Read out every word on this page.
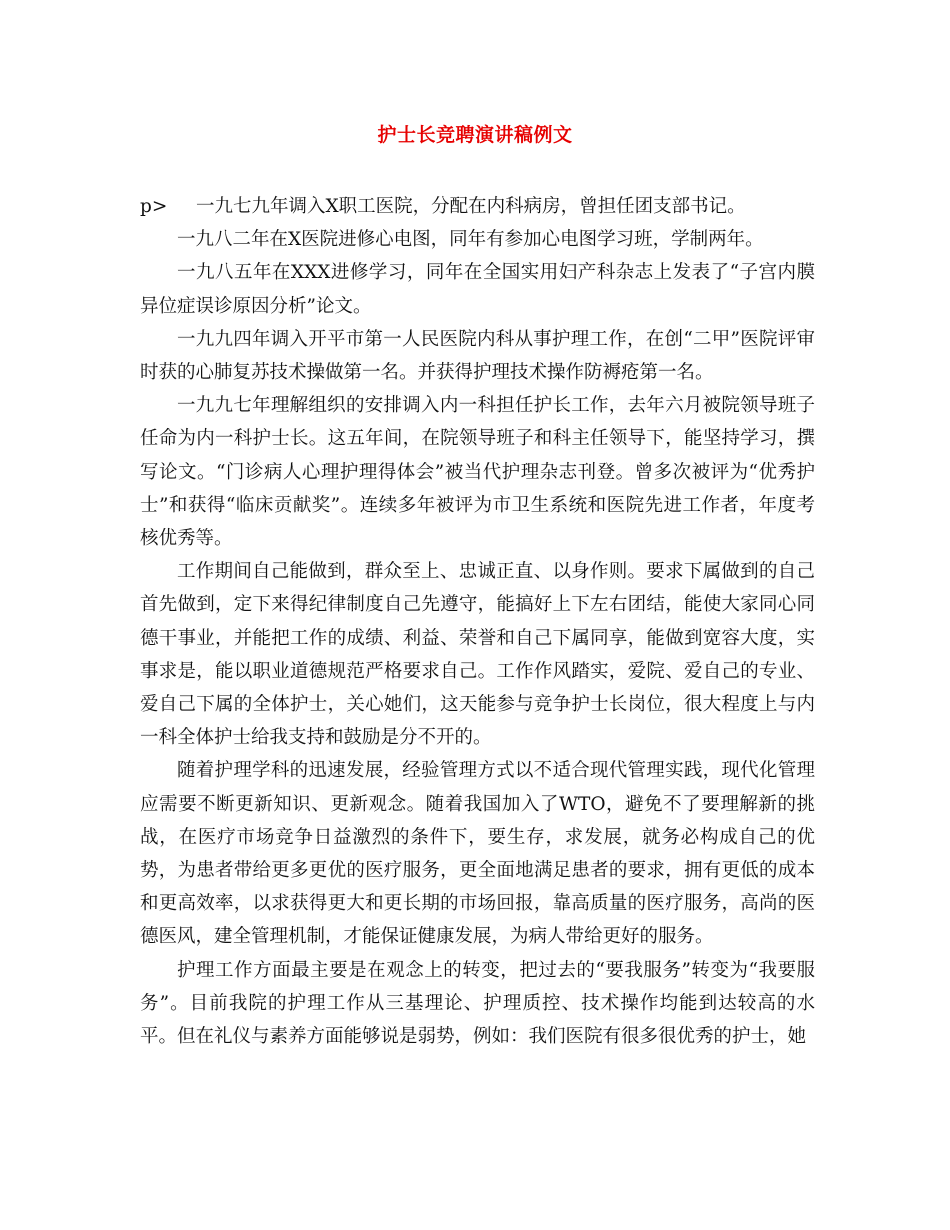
护士长竞聘演讲稿例文

p> 一九七九年调入X职工医院，分配在内科病房，曾担任团支部书记。

一九八二年在X医院进修心电图，同年有参加心电图学习班，学制两年。

一九八五年在XXX进修学习，同年在全国实用妇产科杂志上发表了“子宫内膜异位症误诊原因分析”论文。

一九九四年调入开平市第一人民医院内科从事护理工作，在创“二甲”医院评审时获的心肺复苏技术操做第一名。并获得护理技术操作防褥疮第一名。

一九九七年理解组织的安排调入内一科担任护长工作，去年六月被院领导班子任命为内一科护士长。这五年间，在院领导班子和科主任领导下，能坚持学习，撰写论文。“门诊病人心理护理得体会”被当代护理杂志刊登。曾多次被评为“优秀护士”和获得“临床贡献奖”。连续多年被评为市卫生系统和医院先进工作者，年度考核优秀等。

工作期间自己能做到，群众至上、忠诚正直、以身作则。要求下属做到的自己首先做到，定下来得纪律制度自己先遵守，能搞好上下左右团结，能使大家同心同德干事业，并能把工作的成绩、利益、荣誉和自己下属同享，能做到宽容大度，实事求是，能以职业道德规范严格要求自己。工作作风踏实，爱院、爱自己的专业、爱自己下属的全体护士，关心她们，这天能参与竞争护士长岗位，很大程度上与内一科全体护士给我支持和鼓励是分不开的。

随着护理学科的迅速发展，经验管理方式以不适合现代管理实践，现代化管理应需要不断更新知识、更新观念。随着我国加入了WTO，避免不了要理解新的挑战，在医疗市场竞争日益激烈的条件下，要生存，求发展，就务必构成自己的优势，为患者带给更多更优的医疗服务，更全面地满足患者的要求，拥有更低的成本和更高效率，以求获得更大和更长期的市场回报，靠高质量的医疗服务，高尚的医德医风，建全管理机制，才能保证健康发展，为病人带给更好的服务。

护理工作方面最主要是在观念上的转变，把过去的“要我服务”转变为“我要服务”。目前我院的护理工作从三基理论、护理质控、技术操作均能到达较高的水平。但在礼仪与素养方面能够说是弱势，例如：我们医院有很多很优秀的护士，她
